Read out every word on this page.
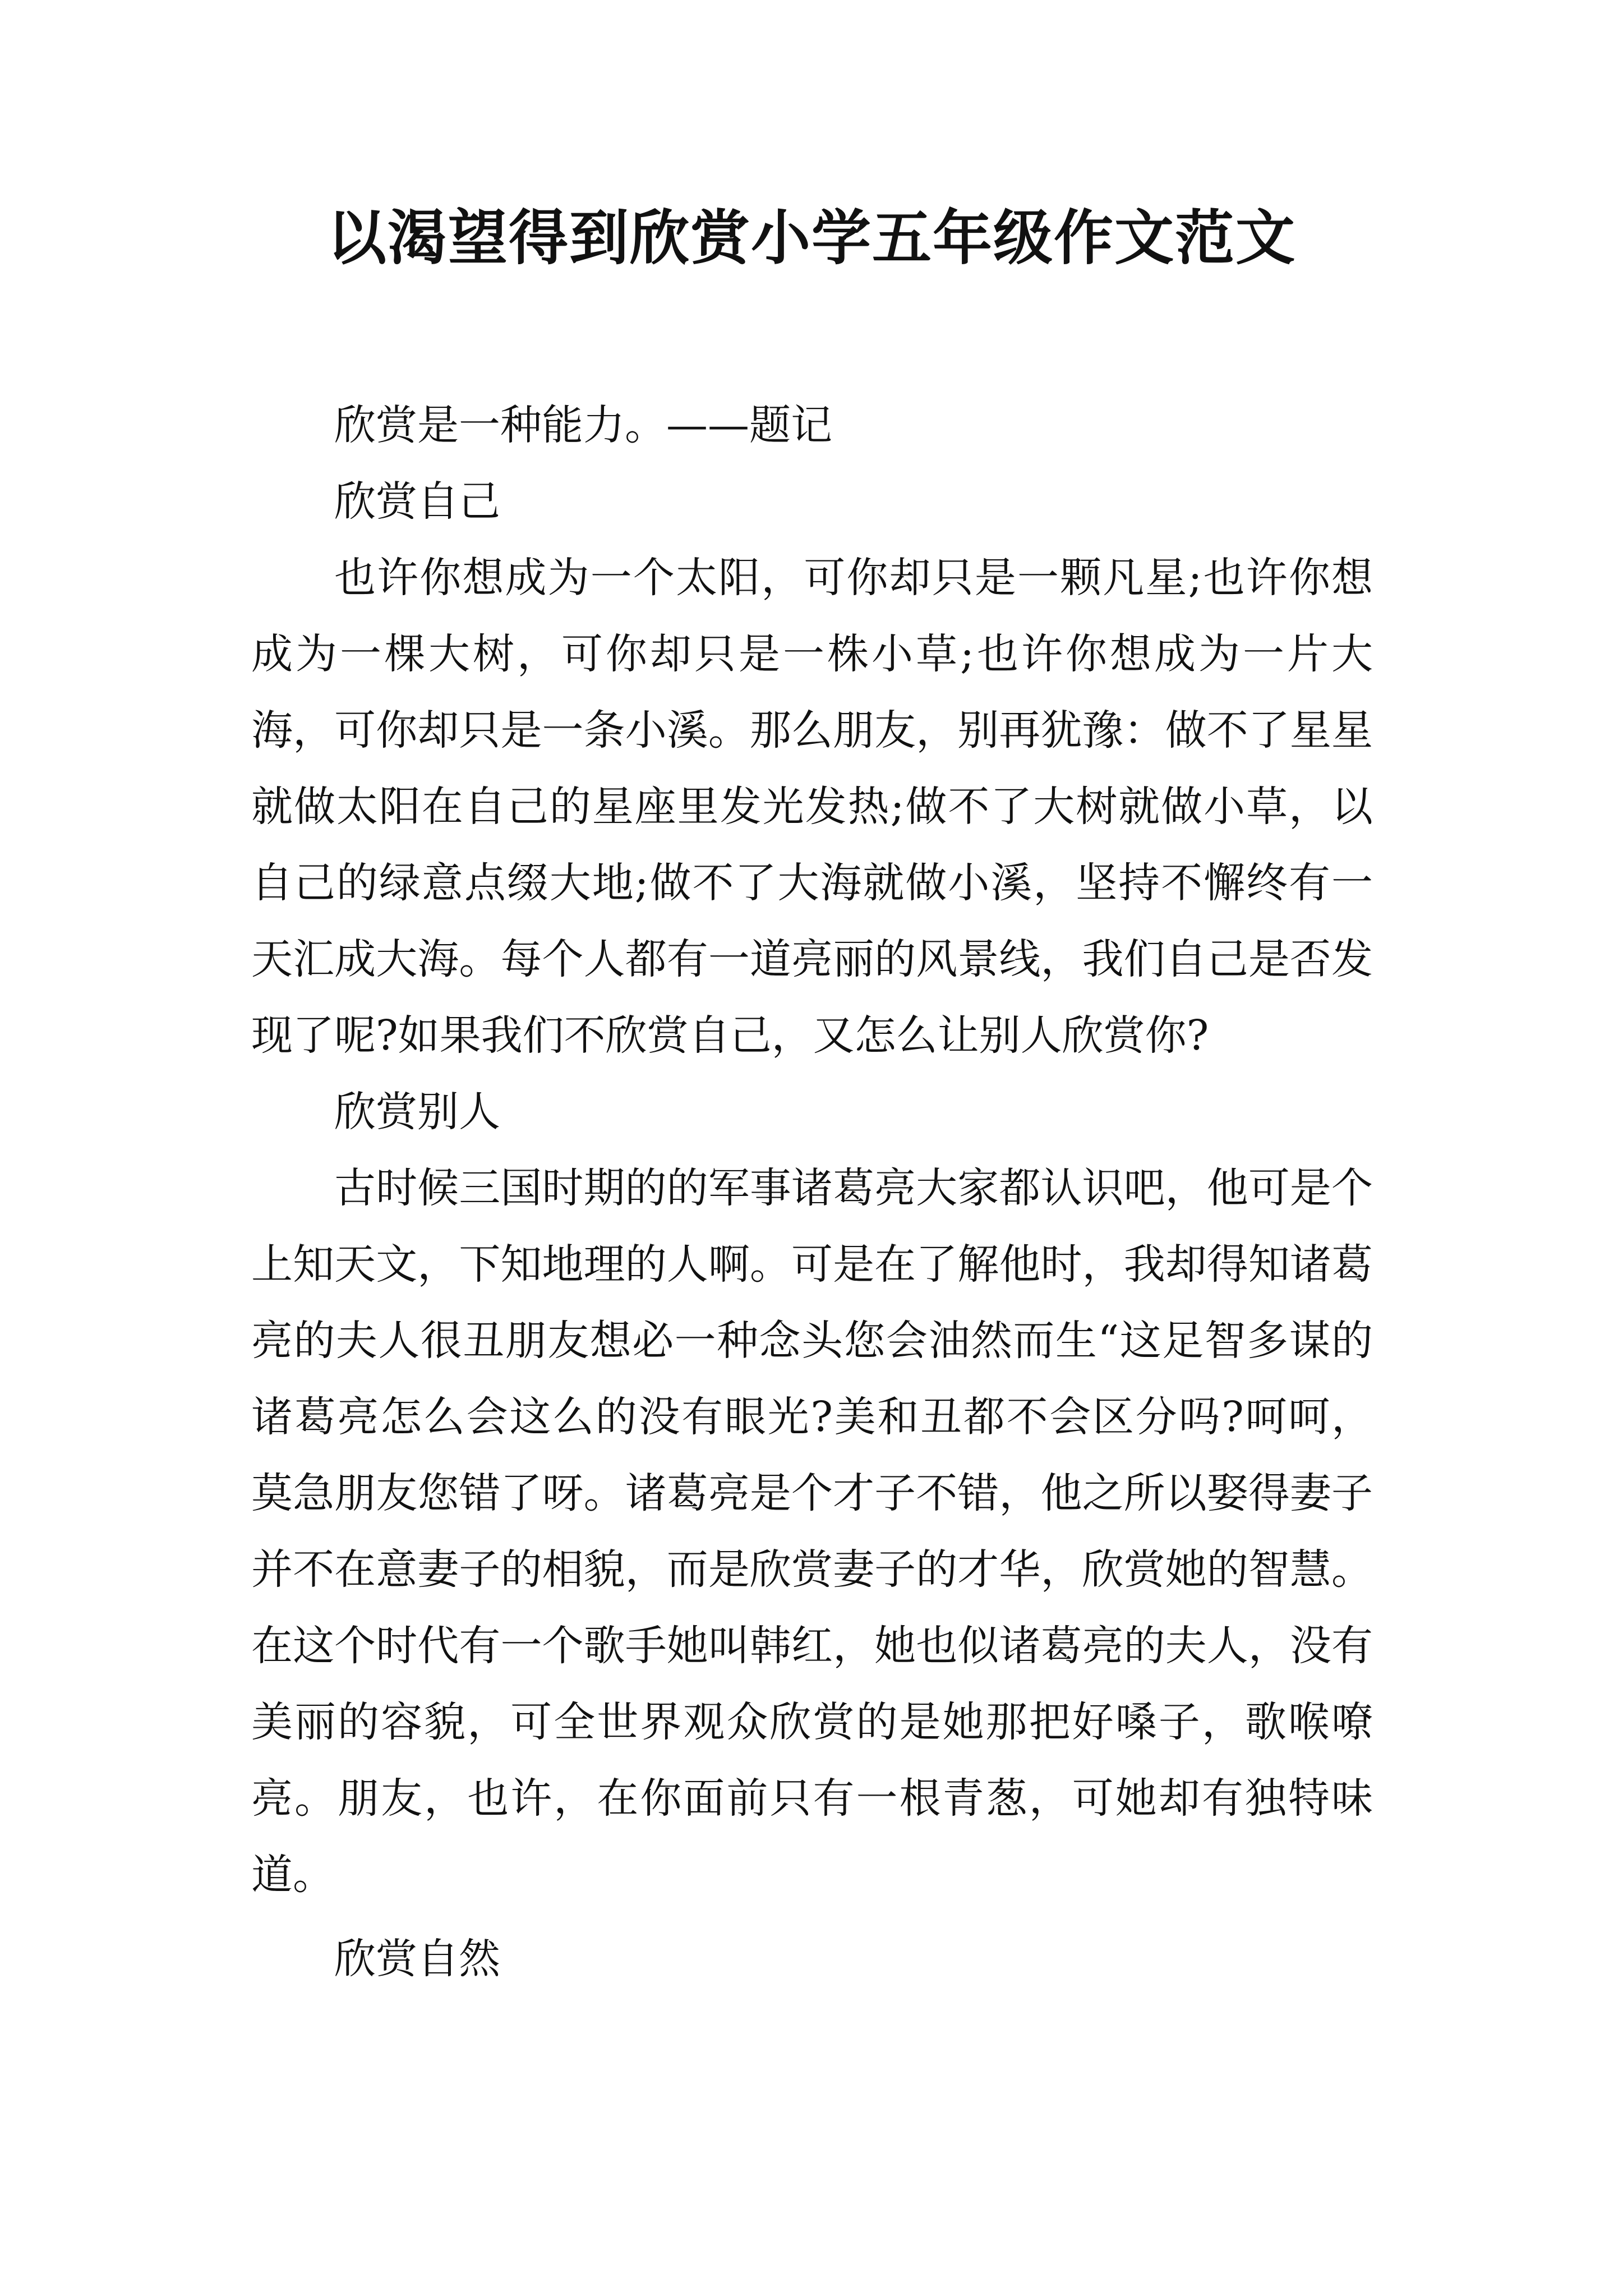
以渴望得到欣赏小学五年级作文范文

欣赏是一种能力。——题记

欣赏自己

也许你想成为一个太阳，可你却只是一颗凡星;也许你想成为一棵大树，可你却只是一株小草;也许你想成为一片大海，可你却只是一条小溪。那么朋友，别再犹豫：做不了星星就做太阳在自己的星座里发光发热;做不了大树就做小草，以自己的绿意点缀大地;做不了大海就做小溪，坚持不懈终有一天汇成大海。每个人都有一道亮丽的风景线，我们自己是否发现了呢?如果我们不欣赏自己，又怎么让别人欣赏你?

欣赏别人

古时候三国时期的的军事诸葛亮大家都认识吧，他可是个上知天文，下知地理的人啊。可是在了解他时，我却得知诸葛亮的夫人很丑朋友想必一种念头您会油然而生“这足智多谋的诸葛亮怎么会这么的没有眼光?美和丑都不会区分吗?呵呵，莫急朋友您错了呀。诸葛亮是个才子不错，他之所以娶得妻子并不在意妻子的相貌，而是欣赏妻子的才华，欣赏她的智慧。在这个时代有一个歌手她叫韩红，她也似诸葛亮的夫人，没有美丽的容貌，可全世界观众欣赏的是她那把好嗓子，歌喉嘹亮。朋友，也许，在你面前只有一根青葱，可她却有独特味道。

欣赏自然
